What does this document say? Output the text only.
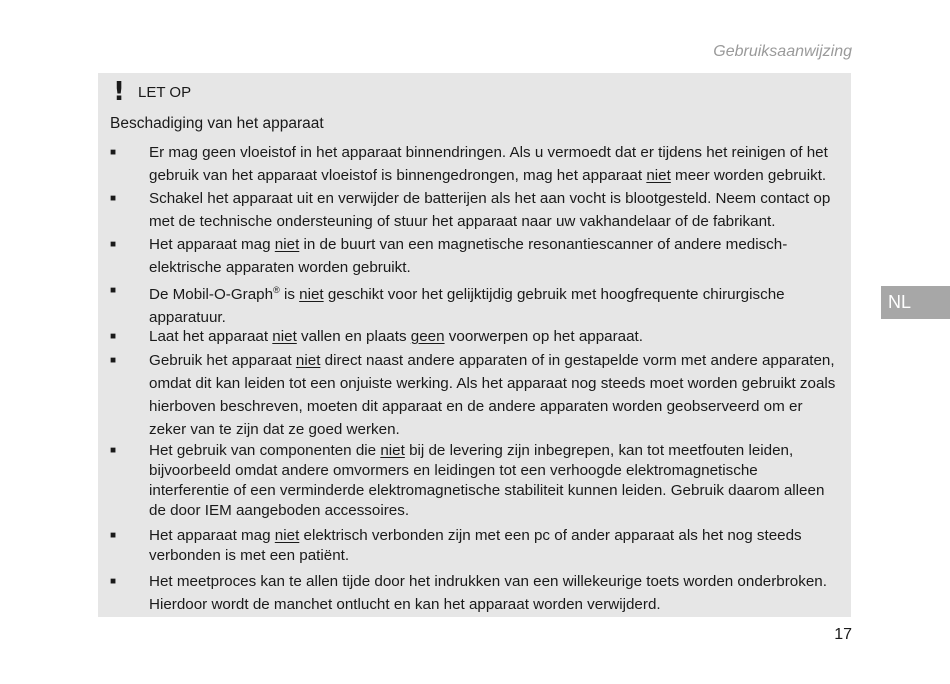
Gebruiksaanwijzing
NL
! LET OP
Beschadiging van het apparaat
■ Er mag geen vloeistof in het apparaat binnendringen. Als u vermoedt dat er tijdens het reinigen of het gebruik van het apparaat vloeistof is binnengedrongen, mag het apparaat niet meer worden gebruikt.
■ Schakel het apparaat uit en verwijder de batterijen als het aan vocht is blootgesteld. Neem contact op met de technische ondersteuning of stuur het apparaat naar uw vakhandelaar of de fabrikant.
■ Het apparaat mag niet in de buurt van een magnetische resonantiescanner of andere medisch-elektrische apparaten worden gebruikt.
■ De Mobil-O-Graph® is niet geschikt voor het gelijktijdig gebruik met hoogfrequente chirurgische apparatuur.
■ Laat het apparaat niet vallen en plaats geen voorwerpen op het apparaat.
■ Gebruik het apparaat niet direct naast andere apparaten of in gestapelde vorm met andere apparaten, omdat dit kan leiden tot een onjuiste werking. Als het apparaat nog steeds moet worden gebruikt zoals hierboven beschreven, moeten dit apparaat en de andere apparaten worden geobserveerd om er zeker van te zijn dat ze goed werken.
■ Het gebruik van componenten die niet bij de levering zijn inbegrepen, kan tot meetfouten leiden, bijvoorbeeld omdat andere omvormers en leidingen tot een verhoogde elektromagnetische interferentie of een verminderde elektromagnetische stabiliteit kunnen leiden. Gebruik daarom alleen de door IEM aangeboden accessoires.
■ Het apparaat mag niet elektrisch verbonden zijn met een pc of ander apparaat als het nog steeds verbonden is met een patiënt.
■ Het meetproces kan te allen tijde door het indrukken van een willekeurige toets worden onderbroken. Hierdoor wordt de manchet ontlucht en kan het apparaat worden verwijderd.
17
